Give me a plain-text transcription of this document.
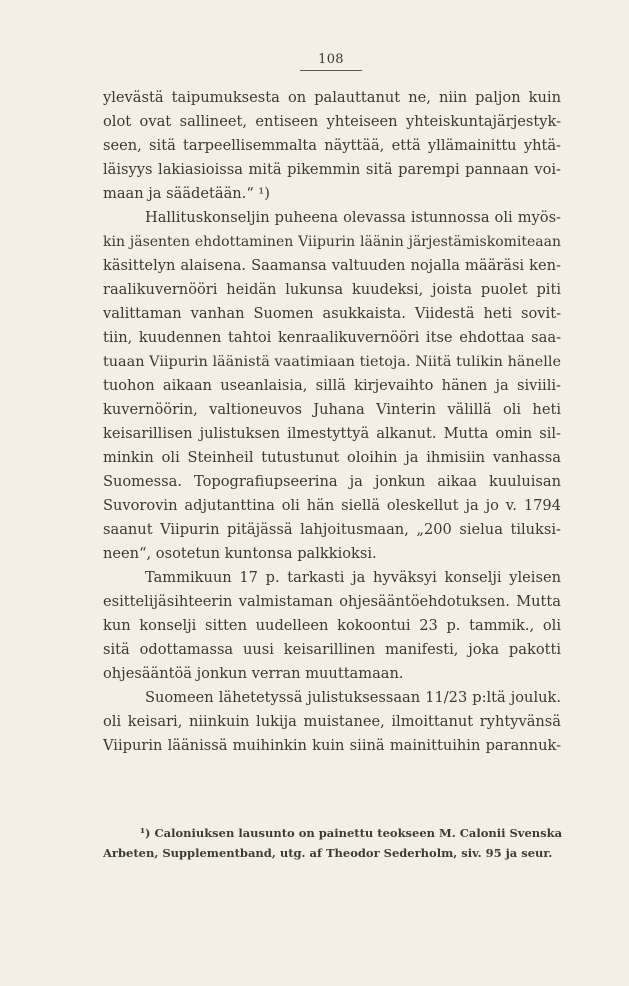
108
ylevästä taipumuksesta on palauttanut ne, niin paljon kuin
olot ovat sallineet, entiseen yhteiseen yhteiskuntajärjestyk-
seen, sitä tarpeellisemmalta näyttää, että yllämainittu yhtä-
läisyys lakiasioissa mitä pikemmin sitä parempi pannaan voi-
maan ja säädetään.“ ¹)
Hallituskonseljin puheena olevassa istunnossa oli myös-
kin jäsenten ehdottaminen Viipurin läänin järjestämiskomiteaan
käsittelyn alaisena. Saamansa valtuuden nojalla määräsi ken-
raalikuvernööri heidän lukunsa kuudeksi, joista puolet piti
valittaman vanhan Suomen asukkaista. Viidestä heti sovit-
tiin, kuudennen tahtoi kenraalikuvernööri itse ehdottaa saa-
tuaan Viipurin läänistä vaatimiaan tietoja. Niitä tulikin hänelle
tuohon aikaan useanlaisia, sillä kirjevaihto hänen ja siviili-
kuvernöörin, valtioneuvos Juhana Vinterin välillä oli heti
keisarillisen julistuksen ilmestyttyä alkanut. Mutta omin sil-
minkin oli Steinheil tutustunut oloihin ja ihmisiin vanhassa
Suomessa. Topografiupseerina ja jonkun aikaa kuuluisan
Suvorovin adjutanttina oli hän siellä oleskellut ja jo v. 1794
saanut Viipurin pitäjässä lahjoitusmaan, „200 sielua tiluksi-
neen“, osotetun kuntonsa palkkioksi.
Tammikuun 17 p. tarkasti ja hyväksyi konselji yleisen
esittelijäsihteerin valmistaman ohjesääntöehdotuksen. Mutta
kun konselji sitten uudelleen kokoontui 23 p. tammik., oli
sitä odottamassa uusi keisarillinen manifesti, joka pakotti
ohjesääntöä jonkun verran muuttamaan.
Suomeen lähetetyssä julistuksessaan 11/23 p:ltä jouluk.
oli keisari, niinkuin lukija muistanee, ilmoittanut ryhtyvänsä
Viipurin läänissä muihinkin kuin siinä mainittuihin parannuk-
¹) Caloniuksen lausunto on painettu teokseen M. Calonii Svenska
Arbeten, Supplementband, utg. af Theodor Sederholm, siv. 95 ja seur.
